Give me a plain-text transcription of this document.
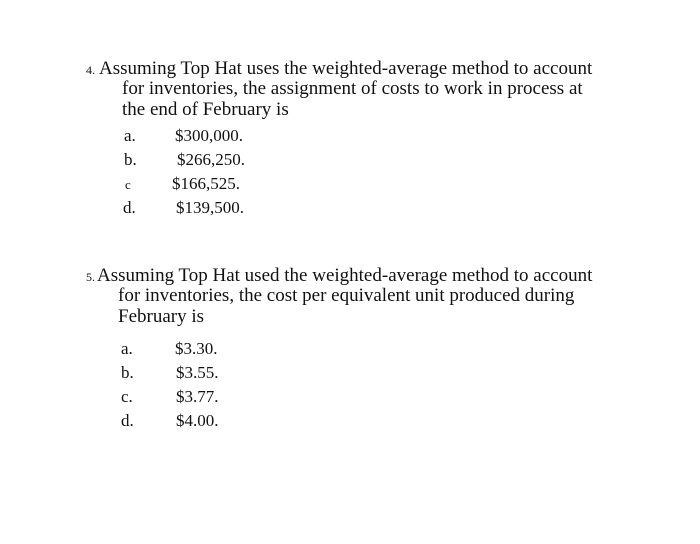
4. Assuming Top Hat uses the weighted-average method to account
for inventories, the assignment of costs to work in process at
the end of February is
a. $300,000.
b. $266,250.
c $166,525.
d. $139,500.
5. Assuming Top Hat used the weighted-average method to account
for inventories, the cost per equivalent unit produced during
February is
a. $3.30.
b. $3.55.
c.	$3.77.
d. $4.00.
